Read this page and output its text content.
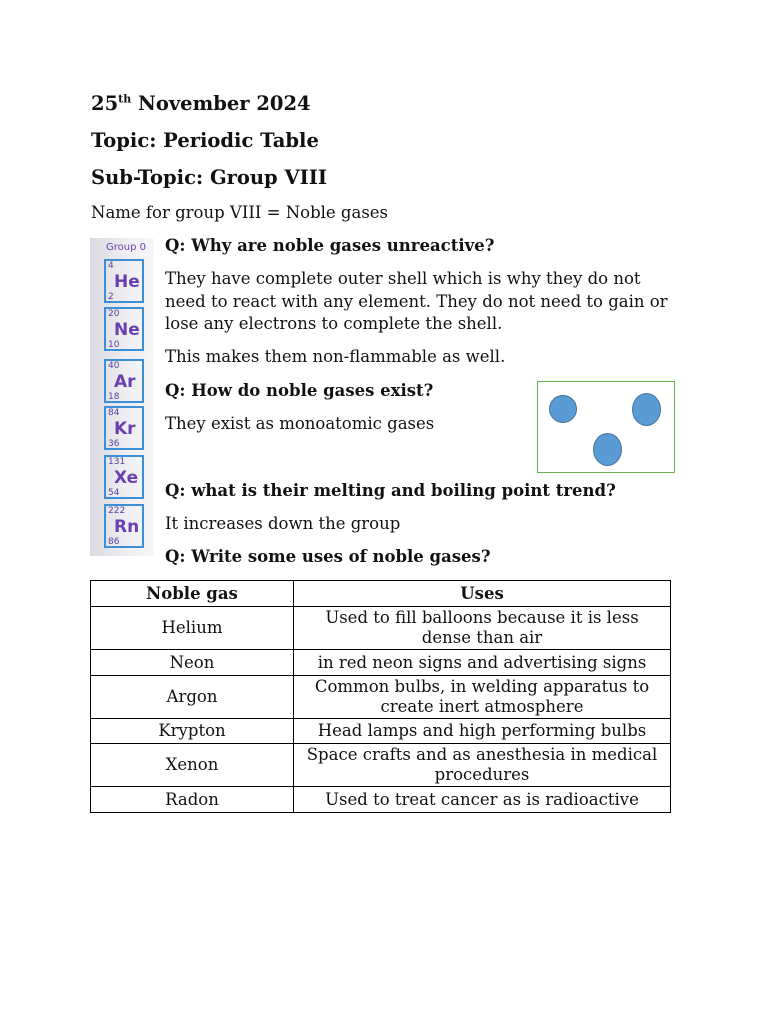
25th November 2024
Topic: Periodic Table
Sub-Topic: Group VIII

Name for group VIII = Noble gases

Group 0
4
He
2
20
Ne
10
40
Ar
18
84
Kr
36
131
Xe
54
222
Rn
86

Q: Why are noble gases unreactive?

They have complete outer shell which is why they do not need to react with any element. They do not need to gain or lose any electrons to complete the shell.

This makes them non-flammable as well.

Q: How do noble gases exist?

They exist as monoatomic gases

Q: what is their melting and boiling point trend?

It increases down the group

Q: Write some uses of noble gases?

Noble gas	Uses
Helium	Used to fill balloons because it is less dense than air
Neon	in red neon signs and advertising signs
Argon	Common bulbs, in welding apparatus to create inert atmosphere
Krypton	Head lamps and high performing bulbs
Xenon	Space crafts and as anesthesia in medical procedures
Radon	Used to treat cancer as is radioactive
